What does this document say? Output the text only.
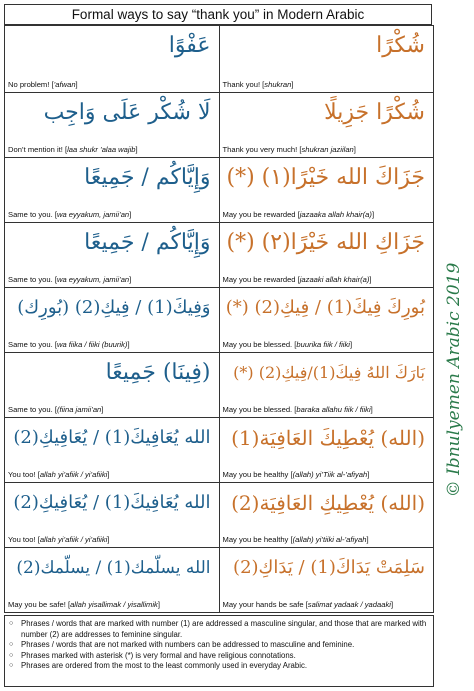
Formal ways to say “thank you” in Modern Arabic
عَفْوًا
No problem! [’afwan]
شُكْرًا
Thank you! [shukran]
لَا شُكْر عَلَى وَاجِب
Don’t mention it! [laa shukr ’alaa wajib]
شُكْرًا جَزِيلًا
Thank you very much! [shukran jaziilan]
وَإِيَّاكُم / جَمِيعًا
Same to you. [wa eyyakum, jamii’an]
جَزَاكَ الله خَيْرًا(١) (*)
May you be rewarded [jazaaka allah khair(a)]
وَإِيَّاكُم / جَمِيعًا
Same to you. [wa eyyakum, jamii’an]
جَزَاكِ الله خَيْرًا(٢) (*)
May you be rewarded [jazaaki allah khair(a)]
وَفِيكَ(1) / فِيكِ(2) (بُورِك)
Same to you. [wa fiika / fiiki (buurik)]
بُورِكَ فِيكَ(1) / فِيكِ(2) (*)
May you be blessed. [buurika fiik / fiiki]
(فِينَا) جَمِيعًا
Same to you. [(fiina jamii’an]
بَارَكَ اللهُ فِيكَ(1)/فِيكِ(2) (*)
May you be blessed. [baraka allahu fiik / fiiki]
الله يُعَافِيكَ(1) / يُعَافِيكِ(2)
You too! [allah yi’afiik / yi’afiiki]
(الله) يُعْطِيكَ العَافِيَة(1)
May you be healthy [(allah) yi’Tiik al-’afiyah]
الله يُعَافِيكَ(1) / يُعَافِيكِ(2)
You too! [allah yi’afiik / yi’afiiki]
(الله) يُعْطِيكِ العَافِيَة(2)
May you be healthy [(allah) yi’tiiki al-’afiyah]
الله يسلّمك(1) / يسلّمك(2)
May you be safe! [allah yisallimak / yisallimik]
سَلِمَتْ يَدَاكَ(1) / يَدَاكِ(2)
May your hands be safe [salimat yadaak / yadaaki]
○ Phrases / words that are marked with number (1) are addressed a masculine singular, and those that are marked with number (2) are addresses to feminine singular.
○ Phrases / words that are not marked with numbers can be addressed to masculine and feminine.
○ Phrases marked with asterisk (*) is very formal and have religious connotations.
○ Phrases are ordered from the most to the least commonly used in everyday Arabic.
© Ibnulyemen Arabic 2019
